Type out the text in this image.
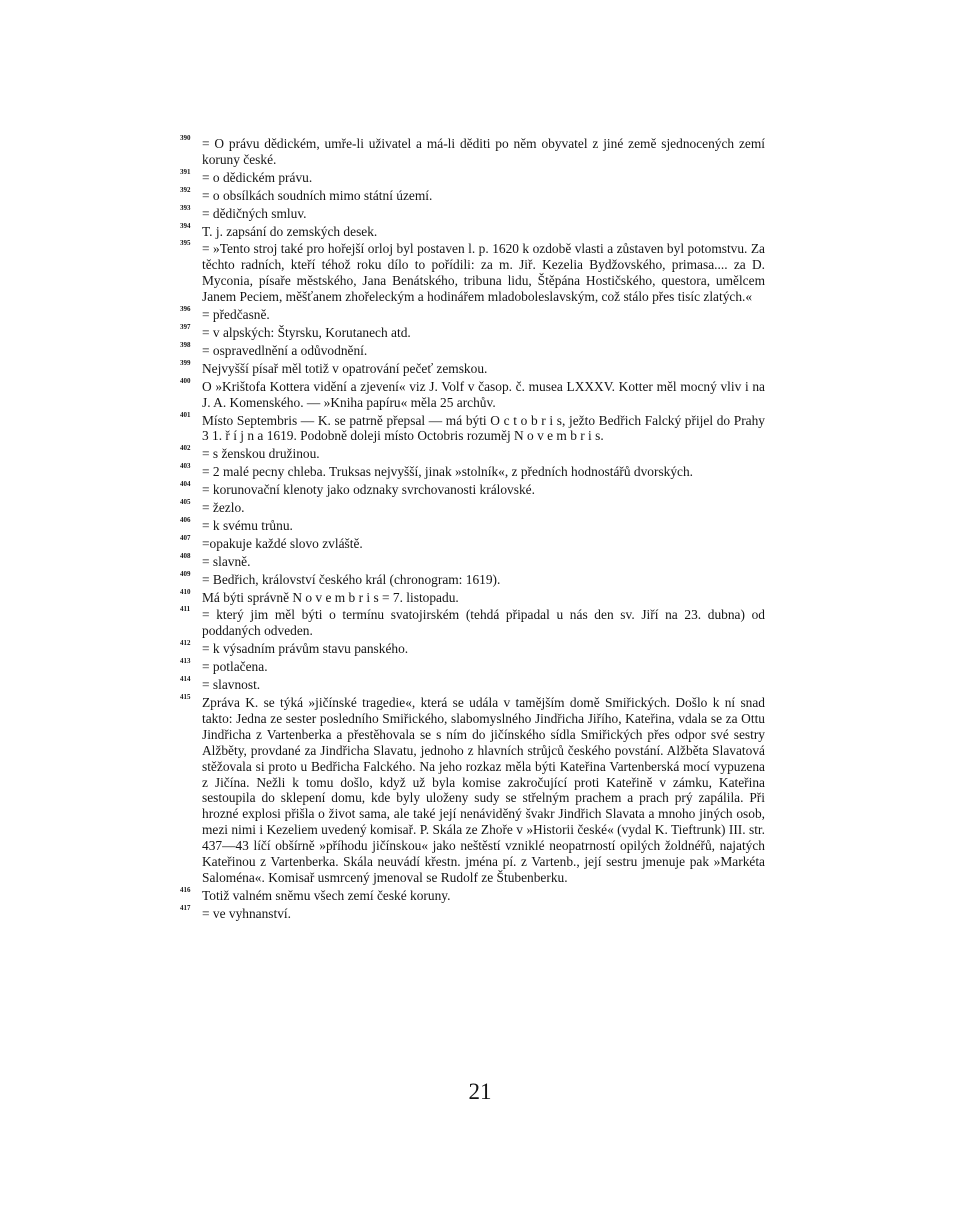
390 = O právu dědickém, umře-li uživatel a má-li děditi po něm obyvatel z jiné země sjednocených zemí koruny české.
391 = o dědickém právu.
392 = o obsílkách soudních mimo státní území.
393 = dědičných smluv.
394 T. j. zapsání do zemských desek.
395 = »Tento stroj také pro hořejší orloj byl postaven l. p. 1620 k ozdobě vlasti a zůstaven byl potomstvu. Za těchto radních, kteří téhož roku dílo to pořídili: za m. Jiř. Kezelia Bydžovského, primasa.... za D. Myconia, písaře městského, Jana Benátského, tribuna lidu, Štěpána Hostičského, questora, umělcem Janem Peciem, měšťanem zhořeleckým a hodinářem mladoboleslavským, což stálo přes tisíc zlatých.«
396 = předčasně.
397 = v alpských: Štyrsku, Korutanech atd.
398 = ospravedlnění a odůvodnění.
399 Nejvyšší písař měl totiž v opatrování pečeť zemskou.
400 O »Krištofa Kottera vidění a zjevení« viz J. Volf v časop. č. musea LXXXV. Kotter měl mocný vliv i na J. A. Komenského. — »Kniha papíru« měla 25 archův.
401 Místo Septembris — K. se patrně přepsal — má býti O c t o b r i s, ježto Bedřich Falcký přijel do Prahy 3 1. ř í j n a 1619. Podobně doleji místo Octobris rozuměj N o v e m b r i s.
402 = s ženskou družinou.
403 = 2 malé pecny chleba. Truksas nejvyšší, jinak »stolník«, z předních hodnostářů dvorských.
404 = korunovační klenoty jako odznaky svrchovanosti královské.
405 = žezlo.
406 = k svému trůnu.
407 =opakuje každé slovo zvláště.
408 = slavně.
409 = Bedřich, království českého král (chronogram: 1619).
410 Má býti správně N o v e m b r i s = 7. listopadu.
411 = který jim měl býti o termínu svatojirském (tehdá připadal u nás den sv. Jiří na 23. dubna) od poddaných odveden.
412 = k výsadním právům stavu panského.
413 = potlačena.
414 = slavnost.
415 Zpráva K. se týká »jičínské tragedie«, která se udála v tamějším domě Smiřických. Došlo k ní snad takto: Jedna ze sester posledního Smiřického, slabomyslného Jindřicha Jiřího, Kateřina, vdala se za Ottu Jindřicha z Vartenberka a přestěhovala se s ním do jičínského sídla Smiřických přes odpor své sestry Alžběty, provdané za Jindřicha Slavatu, jednoho z hlavních strůjců českého povstání. Alžběta Slavatová stěžovala si proto u Bedřicha Falckého. Na jeho rozkaz měla býti Kateřina Vartenberská mocí vypuzena z Jičína. Nežli k tomu došlo, když už byla komise zakročující proti Kateřině v zámku, Kateřina sestoupila do sklepení domu, kde byly uloženy sudy se střelným prachem a prach prý zapálila. Při hrozné explosi přišla o život sama, ale také její nenáviděný švakr Jindřich Slavata a mnoho jiných osob, mezi nimi i Kezeliem uvedený komisař. P. Skála ze Zhoře v »Historii české« (vydal K. Tieftrunk) III. str. 437—43 líčí obšírně »příhodu jičínskou« jako neštěstí vzniklé neopatrností opilých žoldnéřů, najatých Kateřinou z Vartenberka. Skála neuvádí křestn. jména pí. z Vartenb., její sestru jmenuje pak »Markéta Saloména«. Komisař usmrcený jmenoval se Rudolf ze Štubenberku.
416 Totiž valném sněmu všech zemí české koruny.
417 = ve vyhnanství.
21
